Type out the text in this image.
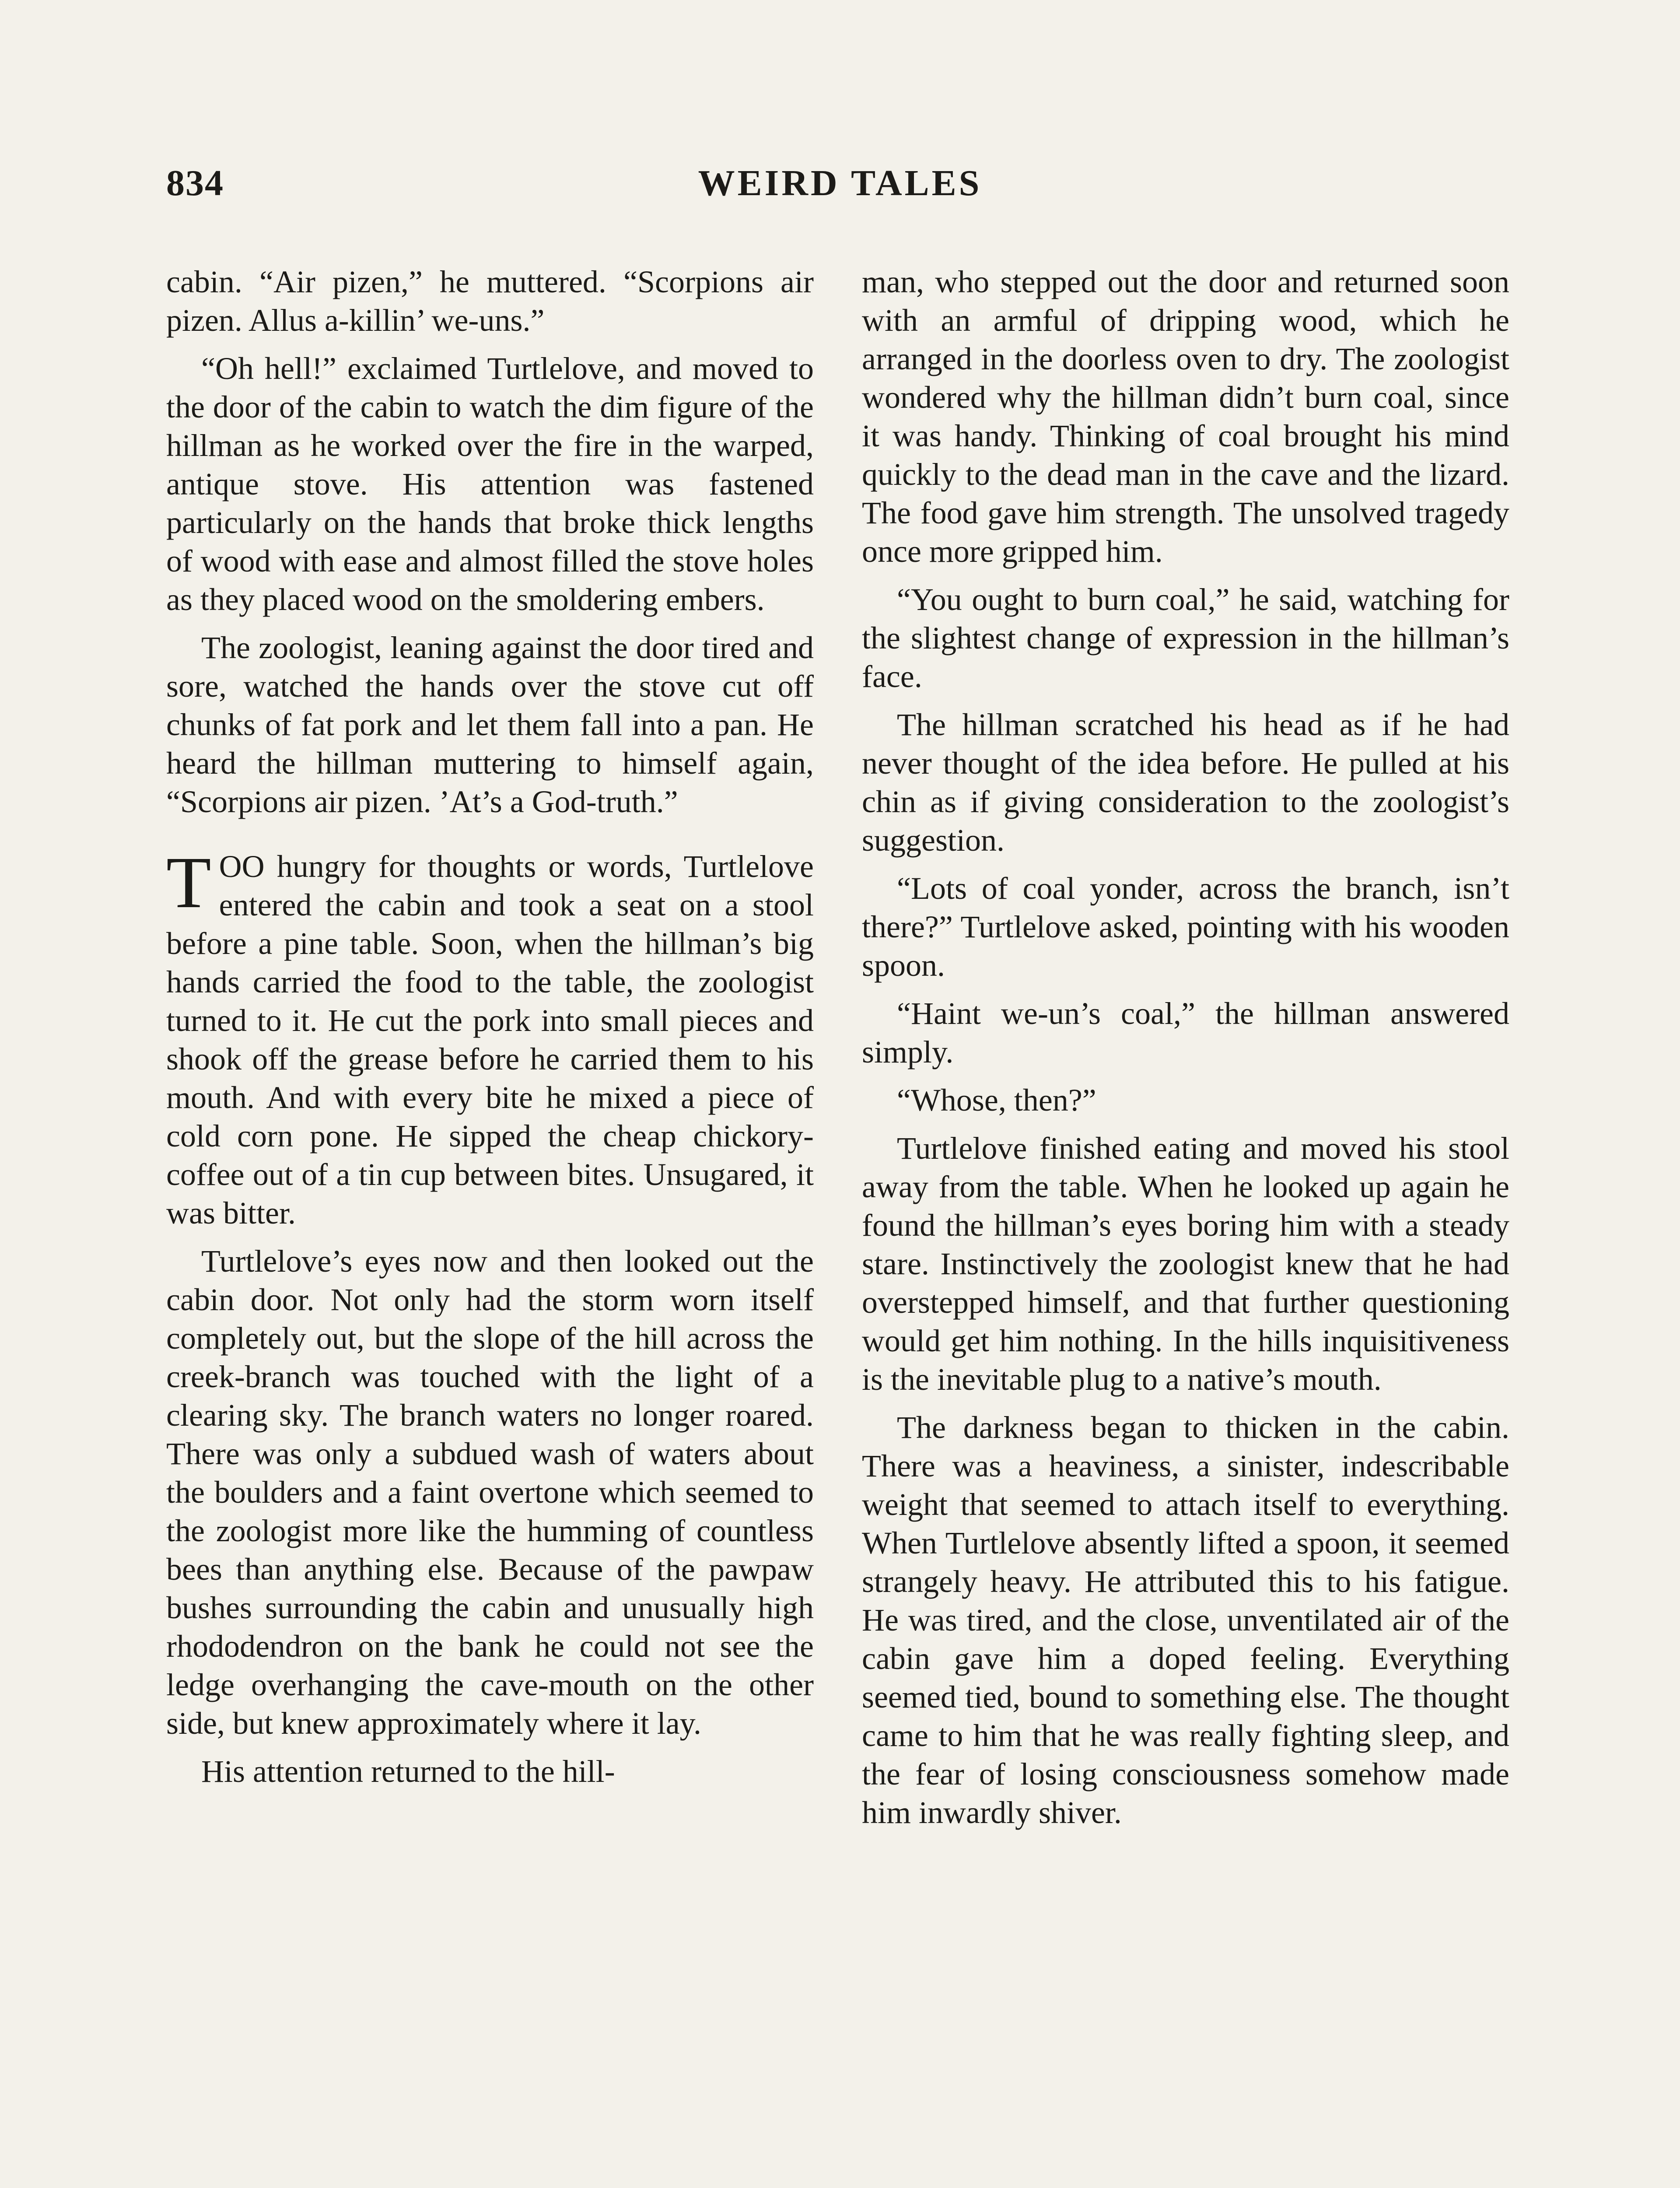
834	WEIRD TALES

cabin. “Air pizen,” he muttered. “Scorpions air pizen. Allus a-killin’ we-uns.”

“Oh hell!” exclaimed Turtlelove, and moved to the door of the cabin to watch the dim figure of the hillman as he worked over the fire in the warped, antique stove. His attention was fastened particularly on the hands that broke thick lengths of wood with ease and almost filled the stove holes as they placed wood on the smoldering embers.

The zoologist, leaning against the door tired and sore, watched the hands over the stove cut off chunks of fat pork and let them fall into a pan. He heard the hillman muttering to himself again, “Scorpions air pizen. ’At’s a God-truth.”

TOO hungry for thoughts or words, Turtlelove entered the cabin and took a seat on a stool before a pine table. Soon, when the hillman’s big hands carried the food to the table, the zoologist turned to it. He cut the pork into small pieces and shook off the grease before he carried them to his mouth. And with every bite he mixed a piece of cold corn pone. He sipped the cheap chickory-coffee out of a tin cup between bites. Unsugared, it was bitter.

Turtlelove’s eyes now and then looked out the cabin door. Not only had the storm worn itself completely out, but the slope of the hill across the creek-branch was touched with the light of a clearing sky. The branch waters no longer roared. There was only a subdued wash of waters about the boulders and a faint overtone which seemed to the zoologist more like the humming of countless bees than anything else. Because of the pawpaw bushes surrounding the cabin and unusually high rhododendron on the bank he could not see the ledge overhanging the cave-mouth on the other side, but knew approximately where it lay.

His attention returned to the hill-

man, who stepped out the door and returned soon with an armful of dripping wood, which he arranged in the doorless oven to dry. The zoologist wondered why the hillman didn’t burn coal, since it was handy. Thinking of coal brought his mind quickly to the dead man in the cave and the lizard. The food gave him strength. The unsolved tragedy once more gripped him.

“You ought to burn coal,” he said, watching for the slightest change of expression in the hillman’s face.

The hillman scratched his head as if he had never thought of the idea before. He pulled at his chin as if giving consideration to the zoologist’s suggestion.

“Lots of coal yonder, across the branch, isn’t there?” Turtlelove asked, pointing with his wooden spoon.

“Haint we-un’s coal,” the hillman answered simply.

“Whose, then?”

Turtlelove finished eating and moved his stool away from the table. When he looked up again he found the hillman’s eyes boring him with a steady stare. Instinctively the zoologist knew that he had overstepped himself, and that further questioning would get him nothing. In the hills inquisitiveness is the inevitable plug to a native’s mouth.

The darkness began to thicken in the cabin. There was a heaviness, a sinister, indescribable weight that seemed to attach itself to everything. When Turtlelove absently lifted a spoon, it seemed strangely heavy. He attributed this to his fatigue. He was tired, and the close, unventilated air of the cabin gave him a doped feeling. Everything seemed tied, bound to something else. The thought came to him that he was really fighting sleep, and the fear of losing consciousness somehow made him inwardly shiver.
